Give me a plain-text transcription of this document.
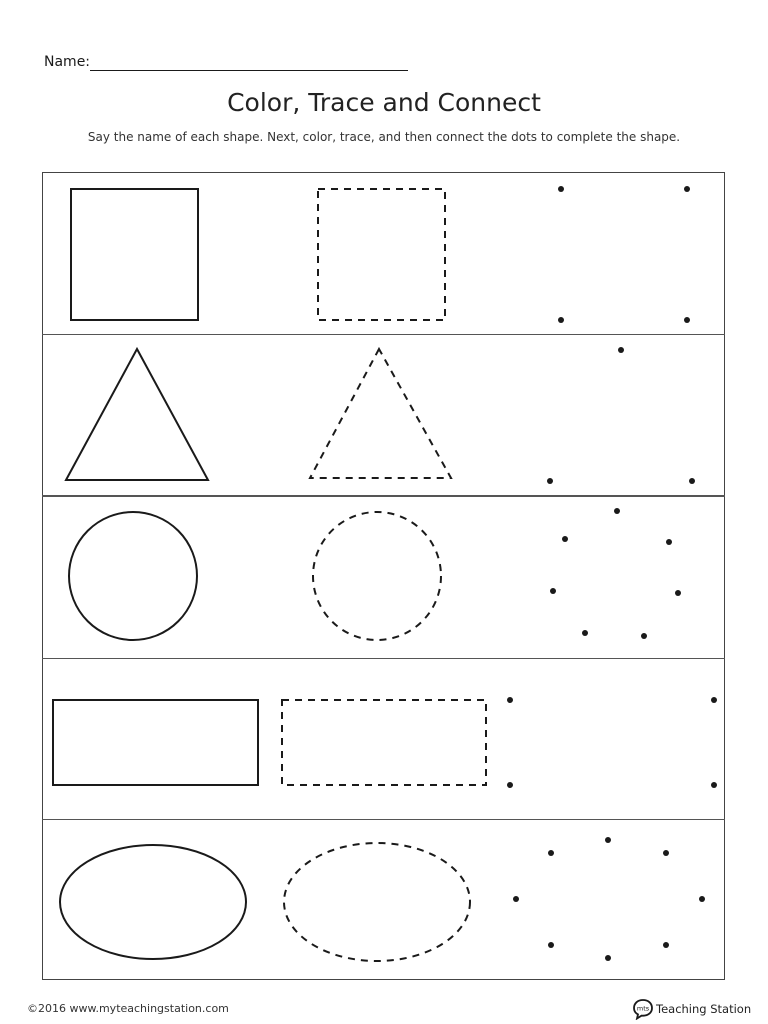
Name:
Color, Trace and Connect
Say the name of each shape. Next, color, trace, and then connect the dots to complete the shape.
©2016 www.myteachingstation.com	mts Teaching Station
